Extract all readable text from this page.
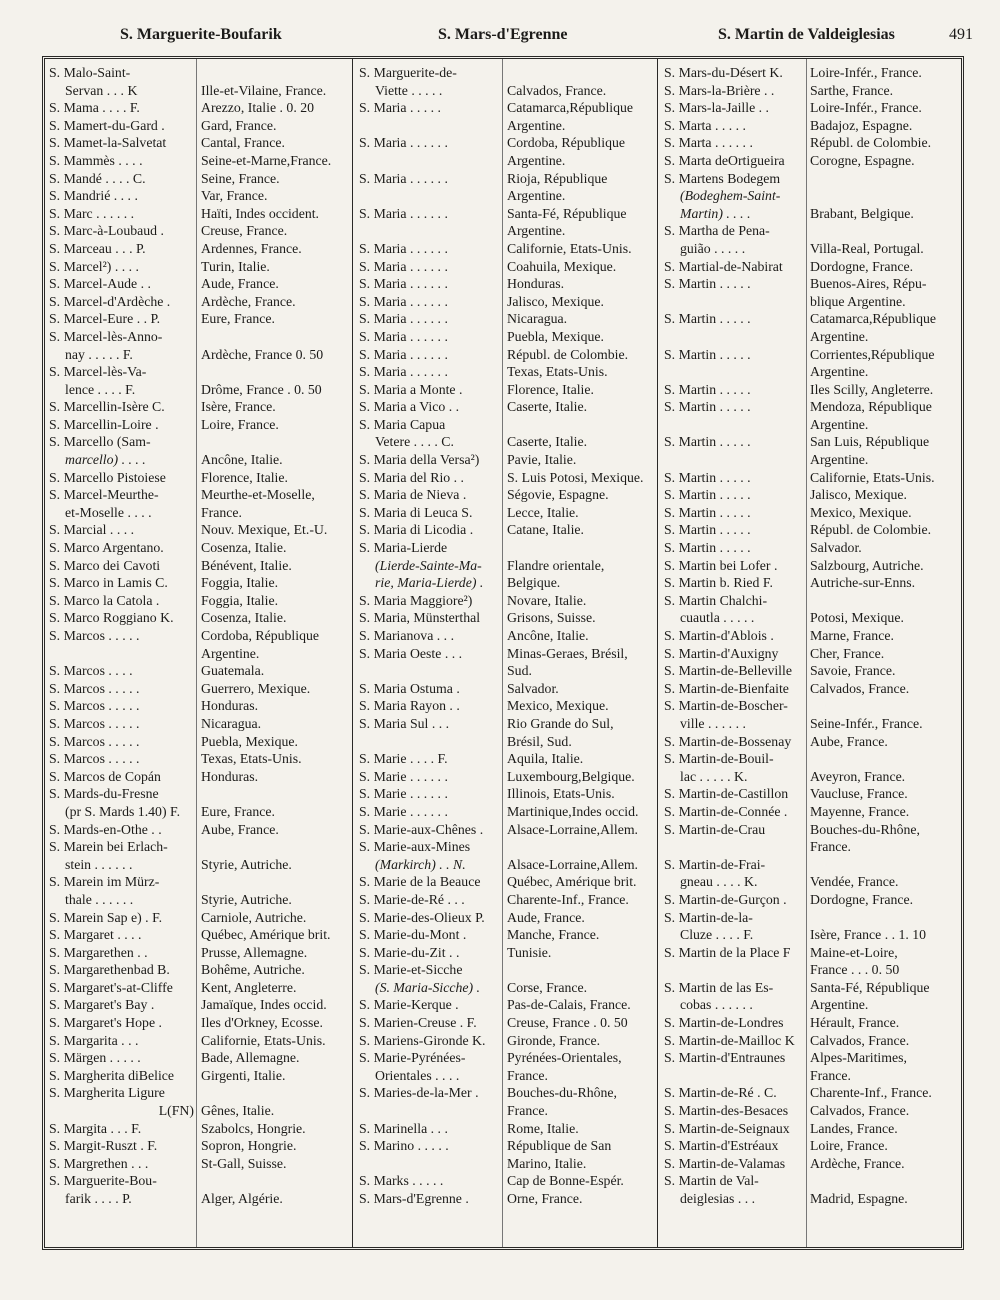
S. Marguerite-Boufarik	S. Mars-d'Egrenne	S. Martin de Valdeiglesias	491
S. Malo-Saint-
Servan . . . K	Ille-et-Vilaine, France.
S. Mama . . . . F.	Arezzo, Italie . 0. 20
S. Mamert-du-Gard .	Gard, France.
S. Mamet-la-Salvetat	Cantal, France.
S. Mammès . . . .	Seine-et-Marne,France.
S. Mandé . . . . C.	Seine, France.
S. Mandrié . . . .	Var, France.
S. Marc . . . . . .	Haïti, Indes occident.
S. Marc-à-Loubaud .	Creuse, France.
S. Marceau . . . P.	Ardennes, France.
S. Marcel²) . . . .	Turin, Italie.
S. Marcel-Aude . .	Aude, France.
S. Marcel-d'Ardèche .	Ardèche, France.
S. Marcel-Eure . . P.	Eure, France.
S. Marcel-lès-Anno-
nay . . . . . F.	Ardèche, France 0. 50
S. Marcel-lès-Va-
lence . . . . F.	Drôme, France . 0. 50
S. Marcellin-Isère C.	Isère, France.
S. Marcellin-Loire .	Loire, France.
S. Marcello (Sam-
marcello) . . . .	Ancône, Italie.
S. Marcello Pistoiese	Florence, Italie.
S. Marcel-Meurthe-	Meurthe-et-Moselle,
et-Moselle . . . .	France.
S. Marcial . . . .	Nouv. Mexique, Et.-U.
S. Marco Argentano.	Cosenza, Italie.
S. Marco dei Cavoti	Bénévent, Italie.
S. Marco in Lamis C.	Foggia, Italie.
S. Marco la Catola .	Foggia, Italie.
S. Marco Roggiano K.	Cosenza, Italie.
S. Marcos . . . . .	Cordoba, République
Argentine.
S. Marcos . . . .	Guatemala.
S. Marcos . . . . .	Guerrero, Mexique.
S. Marcos . . . . .	Honduras.
S. Marcos . . . . .	Nicaragua.
S. Marcos . . . . .	Puebla, Mexique.
S. Marcos . . . . .	Texas, Etats-Unis.
S. Marcos de Copán	Honduras.
S. Mards-du-Fresne
(pr S. Mards 1.40) F.	Eure, France.
S. Mards-en-Othe . .	Aube, France.
S. Marein bei Erlach-
stein . . . . . .	Styrie, Autriche.
S. Marein im Mürz-
thale . . . . . .	Styrie, Autriche.
S. Marein Sap e) . F.	Carniole, Autriche.
S. Margaret . . . .	Québec, Amérique brit.
S. Margarethen . .	Prusse, Allemagne.
S. Margarethenbad B.	Bohême, Autriche.
S. Margaret's-at-Cliffe	Kent, Angleterre.
S. Margaret's Bay .	Jamaïque, Indes occid.
S. Margaret's Hope .	Iles d'Orkney, Ecosse.
S. Margarita . . .	Californie, Etats-Unis.
S. Märgen . . . . .	Bade, Allemagne.
S. Margherita diBelice	Girgenti, Italie.
S. Margherita Ligure
L(FN) Gênes, Italie.
S. Margita . . . F.	Szabolcs, Hongrie.
S. Margit-Ruszt . F.	Sopron, Hongrie.
S. Margrethen . . .	St-Gall, Suisse.
S. Marguerite-Bou-
farik . . . . P.	Alger, Algérie.
S. Marguerite-de-
Viette . . . . .	Calvados, France.
S. Maria . . . . .	Catamarca,République
Argentine.
S. Maria . . . . . .	Cordoba, République
Argentine.
S. Maria . . . . . .	Rioja, République
Argentine.
S. Maria . . . . . .	Santa-Fé, République
Argentine.
S. Maria . . . . . .	Californie, Etats-Unis.
S. Maria . . . . . .	Coahuila, Mexique.
S. Maria . . . . . .	Honduras.
S. Maria . . . . . .	Jalisco, Mexique.
S. Maria . . . . . .	Nicaragua.
S. Maria . . . . . .	Puebla, Mexique.
S. Maria . . . . . .	Républ. de Colombie.
S. Maria . . . . . .	Texas, Etats-Unis.
S. Maria a Monte .	Florence, Italie.
S. Maria a Vico . .	Caserte, Italie.
S. Maria Capua
Vetere . . . . C.	Caserte, Italie.
S. Maria della Versa²)	Pavie, Italie.
S. Maria del Rio . .	S. Luis Potosi, Mexique.
S. Maria de Nieva .	Ségovie, Espagne.
S. Maria di Leuca S.	Lecce, Italie.
S. Maria di Licodia .	Catane, Italie.
S. Maria-Lierde
(Lierde-Sainte-Ma-	Flandre orientale,
rie, Maria-Lierde) .	Belgique.
S. Maria Maggiore²)	Novare, Italie.
S. Maria, Münsterthal	Grisons, Suisse.
S. Marianova . . .	Ancône, Italie.
S. Maria Oeste . . .	Minas-Geraes, Brésil,
Sud.
S. Maria Ostuma .	Salvador.
S. Maria Rayon . .	Mexico, Mexique.
S. Maria Sul . . .	Rio Grande do Sul,
Brésil, Sud.
S. Marie . . . . F.	Aquila, Italie.
S. Marie . . . . . .	Luxembourg,Belgique.
S. Marie . . . . . .	Illinois, Etats-Unis.
S. Marie . . . . . .	Martinique,Indes occid.
S. Marie-aux-Chênes .	Alsace-Lorraine,Allem.
S. Marie-aux-Mines
(Markirch) . . N.	Alsace-Lorraine,Allem.
S. Marie de la Beauce	Québec, Amérique brit.
S. Marie-de-Ré . . .	Charente-Inf., France.
S. Marie-des-Olieux P.	Aude, France.
S. Marie-du-Mont .	Manche, France.
S. Marie-du-Zit . .	Tunisie.
S. Marie-et-Sicche
(S. Maria-Sicche) .	Corse, France.
S. Marie-Kerque .	Pas-de-Calais, France.
S. Marien-Creuse . F.	Creuse, France . 0. 50
S. Mariens-Gironde K.	Gironde, France.
S. Marie-Pyrénées-	Pyrénées-Orientales,
Orientales . . . .	France.
S. Maries-de-la-Mer .	Bouches-du-Rhône,
France.
S. Marinella . . .	Rome, Italie.
S. Marino . . . . .	République de San
Marino, Italie.
S. Marks . . . . .	Cap de Bonne-Espér.
S. Mars-d'Egrenne .	Orne, France.
S. Mars-du-Désert K.	Loire-Infér., France.
S. Mars-la-Brière . .	Sarthe, France.
S. Mars-la-Jaille . .	Loire-Infér., France.
S. Marta . . . . .	Badajoz, Espagne.
S. Marta . . . . . .	Républ. de Colombie.
S. Marta deOrtigueira	Corogne, Espagne.
S. Martens Bodegem
(Bodeghem-Saint-
Martin) . . . .	Brabant, Belgique.
S. Martha de Pena-
guião . . . . .	Villa-Real, Portugal.
S. Martial-de-Nabirat	Dordogne, France.
S. Martin . . . . .	Buenos-Aires, Répu-
blique Argentine.
S. Martin . . . . .	Catamarca,République
Argentine.
S. Martin . . . . .	Corrientes,République
Argentine.
S. Martin . . . . .	Iles Scilly, Angleterre.
S. Martin . . . . .	Mendoza, République
Argentine.
S. Martin . . . . .	San Luis, République
Argentine.
S. Martin . . . . .	Californie, Etats-Unis.
S. Martin . . . . .	Jalisco, Mexique.
S. Martin . . . . .	Mexico, Mexique.
S. Martin . . . . .	Républ. de Colombie.
S. Martin . . . . .	Salvador.
S. Martin bei Lofer .	Salzbourg, Autriche.
S. Martin b. Ried F.	Autriche-sur-Enns.
S. Martin Chalchi-
cuautla . . . . .	Potosi, Mexique.
S. Martin-d'Ablois .	Marne, France.
S. Martin-d'Auxigny	Cher, France.
S. Martin-de-Belleville	Savoie, France.
S. Martin-de-Bienfaite	Calvados, France.
S. Martin-de-Boscher-
ville . . . . . .	Seine-Infér., France.
S. Martin-de-Bossenay	Aube, France.
S. Martin-de-Bouil-
lac . . . . . K.	Aveyron, France.
S. Martin-de-Castillon	Vaucluse, France.
S. Martin-de-Connée .	Mayenne, France.
S. Martin-de-Crau	Bouches-du-Rhône,
France.
S. Martin-de-Frai-
gneau . . . . K.	Vendée, France.
S. Martin-de-Gurçon .	Dordogne, France.
S. Martin-de-la-
Cluze . . . . F.	Isère, France . . 1. 10
S. Martin de la Place F	Maine-et-Loire,
France . . . 0. 50
S. Martin de las Es-	Santa-Fé, République
cobas . . . . . .	Argentine.
S. Martin-de-Londres	Hérault, France.
S. Martin-de-Mailloc K	Calvados, France.
S. Martin-d'Entraunes	Alpes-Maritimes,
France.
S. Martin-de-Ré . C.	Charente-Inf., France.
S. Martin-des-Besaces	Calvados, France.
S. Martin-de-Seignaux	Landes, France.
S. Martin-d'Estréaux	Loire, France.
S. Martin-de-Valamas	Ardèche, France.
S. Martin de Val-
deiglesias . . .	Madrid, Espagne.
